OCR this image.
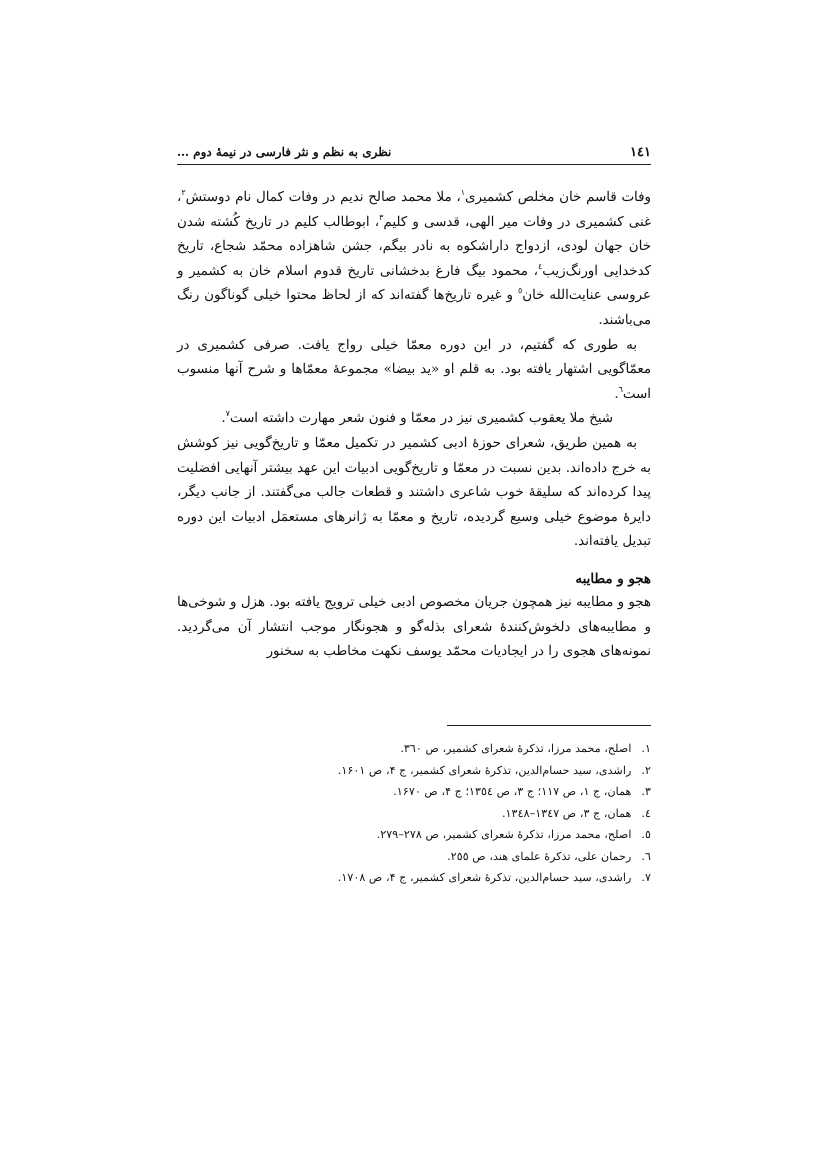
۱٤۱
نظری به نظم و نثر فارسی در نیمهٔ دوم …

وفات قاسم خان مخلص کشمیری$^۱$، ملا محمد صالح ندیم در وفات کمال نام دوستش$^۲$، غنی کشمیری در وفات میر الهی، قدسی و کلیم$^۳$، ابوطالب کلیم در تاریخ کُشته شدن خان جهان لودی، ازدواج داراشکوه به نادر بیگم، جشن شاهزاده محمّد شجاع، تاریخ کدخدایی اورنگ‌زیب$^٤$، محمود بیگ فارغ بدخشانی تاریخ قدوم اسلام خان به کشمیر و عروسی عنایت‌الله خان$^٥$ و غیره تاریخ‌ها گفته‌اند که از لحاظ محتوا خیلی گوناگون رنگ می‌باشند.

به طوری که گفتیم، در این دوره معمّا خیلی رواج یافت. صرفی کشمیری در معمّاگویی اشتهار یافته بود. به قلم او «ید بیضا» مجموعهٔ معمّاها و شرح آنها منسوب است$^٦$.

شیخ ملا یعقوب کشمیری نیز در معمّا و فنون شعر مهارت داشته است$^۷$.

به همین طریق، شعرای حوزهٔ ادبی کشمیر در تکمیل معمّا و تاریخ‌گویی نیز کوشش به خرج داده‌اند. بدین نسبت در معمّا و تاریخ‌گویی ادبیات این عهد بیشتر آنهایی افضلیت پیدا کرده‌اند که سلیقهٔ خوب شاعری داشتند و قطعات جالب می‌گفتند. از جانب دیگر، دایرهٔ موضوع خیلی وسیع گردیده، تاریخ و معمّا به ژانرهای مستعمَل ادبیات این دوره تبدیل یافته‌اند.

هجو و مطایبه

هجو و مطایبه نیز همچون جریان مخصوص ادبی خیلی ترویج یافته بود. هزل و شوخی‌ها و مطایبه‌های دلخوش‌کنندهٔ شعرای بذله‌گو و هجونگار موجب انتشار آن می‌گردید. نمونه‌های هجوی را در ایجادیات محمّد یوسف نکهت مخاطب به سخنور

۱. اصلح، محمد مرزا، تذکرهٔ شعرای کشمیر، ص ٣٦٠.
۲. راشدی، سید حسام‌الدین، تذکرهٔ شعرای کشمیر، ج ۴، ص ۱۶۰۱.
۳. همان، ج ۱، ص ۱۱۷؛ ج ۳، ص ۱۳٥٤؛ ج ۴، ص ۱۶۷۰.
٤. همان، ج ۳، ص ۱۳٤۷–۱۳٤۸.
٥. اصلح، محمد مرزا، تذکرهٔ شعرای کشمیر، ص ٢٧٨–٢٧٩.
٦. رحمان علی، تذکرهٔ علمای هند، ص ٢٥٥.
۷. راشدی، سید حسام‌الدین، تذکرهٔ شعرای کشمیر، ج ۴، ص ۱۷۰۸.
